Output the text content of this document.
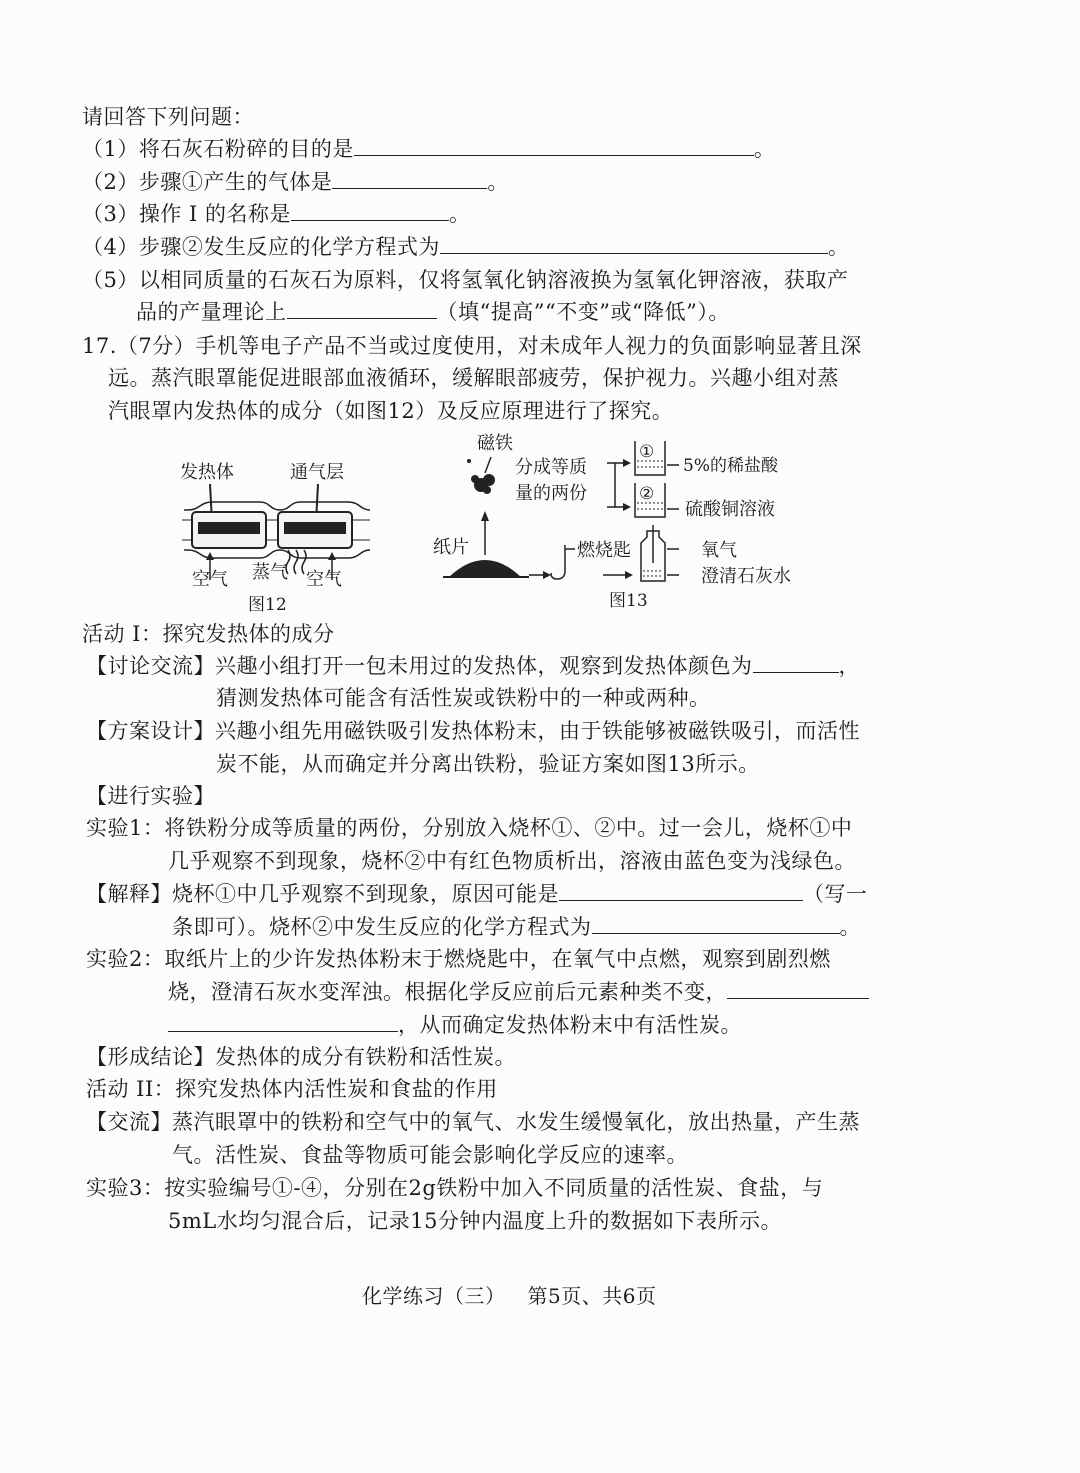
请回答下列问题：
（1）将石灰石粉碎的目的是	。
（2）步骤①产生的气体是	。
（3）操作 I 的名称是	。
（4）步骤②发生反应的化学方程式为	。
（5）以相同质量的石灰石为原料，仅将氢氧化钠溶液换为氢氧化钾溶液，获取产
品的产量理论上	（填“提高”“不变”或“降低”）。
17.（7分）手机等电子产品不当或过度使用，对未成年人视力的负面影响显著且深
远。蒸汽眼罩能促进眼部血液循环，缓解眼部疲劳，保护视力。兴趣小组对蒸
汽眼罩内发热体的成分（如图12）及反应原理进行了探究。
发热体	通气层
空气 蒸气 空气
图12
磁铁
分成等质
量的两份
①
5%的稀盐酸
②
硫酸铜溶液
纸片	燃烧匙	氧气
澄清石灰水
图13
活动 I：探究发热体的成分
【讨论交流】兴趣小组打开一包未用过的发热体，观察到发热体颜色为	，
猜测发热体可能含有活性炭或铁粉中的一种或两种。
【方案设计】兴趣小组先用磁铁吸引发热体粉末，由于铁能够被磁铁吸引，而活性
炭不能，从而确定并分离出铁粉，验证方案如图13所示。
【进行实验】
实验1：将铁粉分成等质量的两份，分别放入烧杯①、②中。过一会儿，烧杯①中
几乎观察不到现象，烧杯②中有红色物质析出，溶液由蓝色变为浅绿色。
【解释】烧杯①中几乎观察不到现象，原因可能是	（写一
条即可）。烧杯②中发生反应的化学方程式为	。
实验2：取纸片上的少许发热体粉末于燃烧匙中，在氧气中点燃，观察到剧烈燃
烧，澄清石灰水变浑浊。根据化学反应前后元素种类不变，
，从而确定发热体粉末中有活性炭。
【形成结论】发热体的成分有铁粉和活性炭。
活动 II：探究发热体内活性炭和食盐的作用
【交流】蒸汽眼罩中的铁粉和空气中的氧气、水发生缓慢氧化，放出热量，产生蒸
气。活性炭、食盐等物质可能会影响化学反应的速率。
实验3：按实验编号①-④，分别在2g铁粉中加入不同质量的活性炭、食盐，与
5mL水均匀混合后，记录15分钟内温度上升的数据如下表所示。
化学练习（三） 第5页、共6页
